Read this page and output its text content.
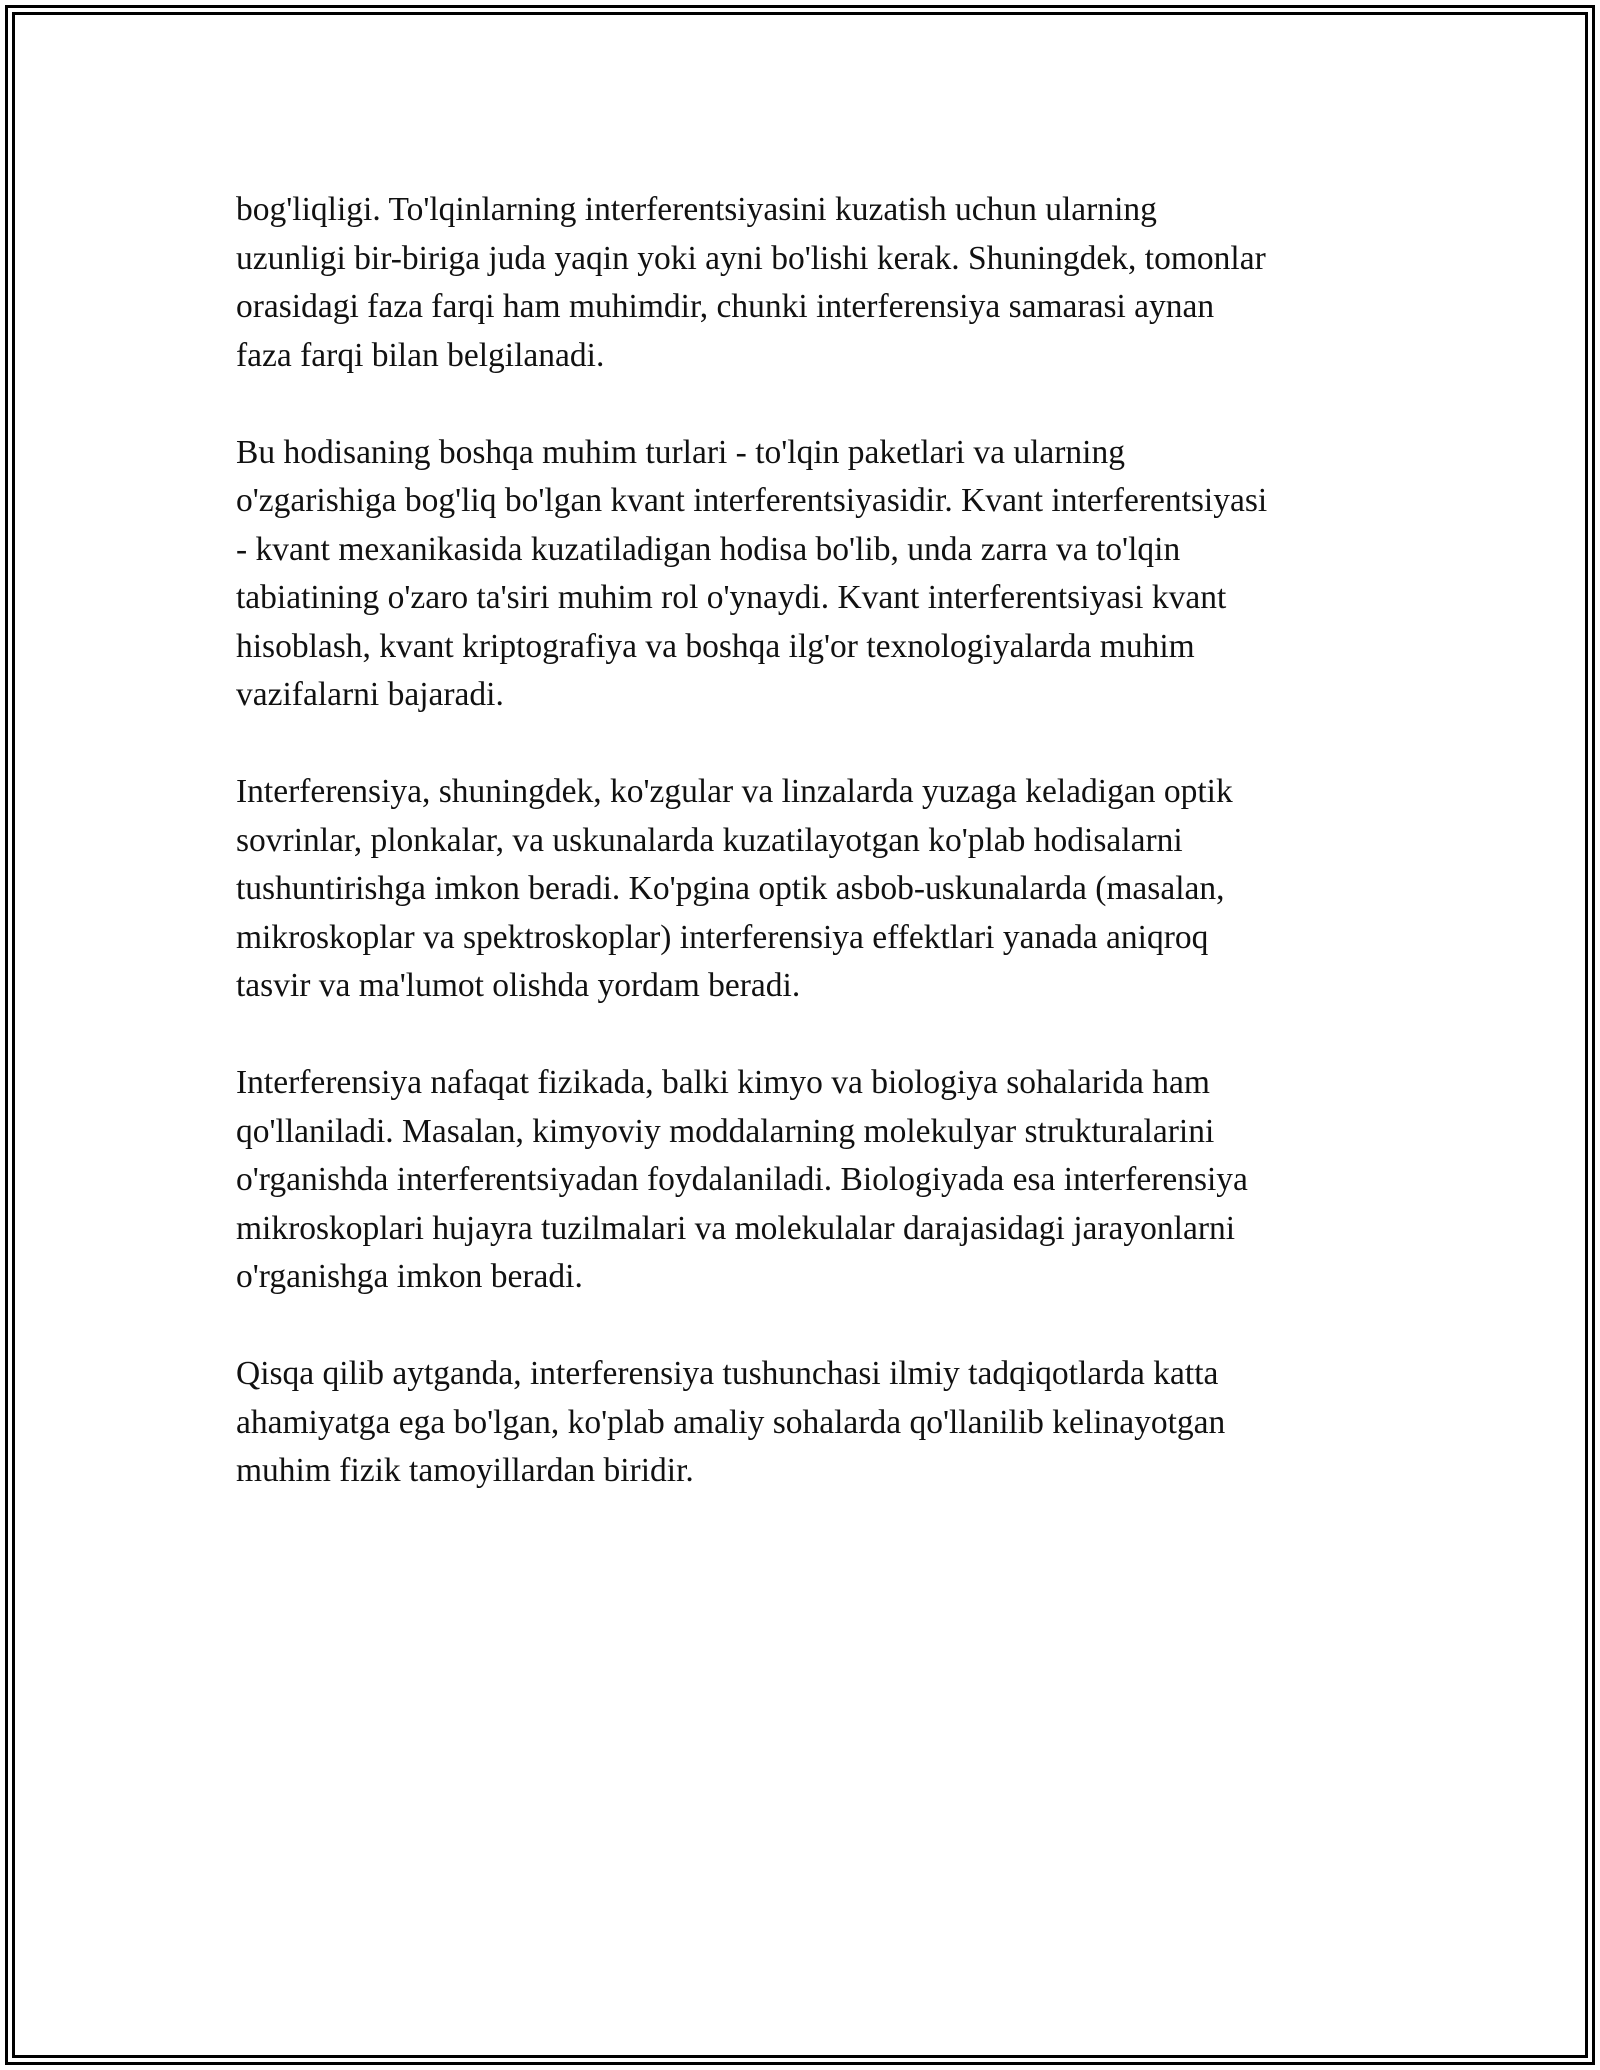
bog'liqligi. To'lqinlarning interferentsiyasini kuzatish uchun ularning
uzunligi bir-biriga juda yaqin yoki ayni bo'lishi kerak. Shuningdek, tomonlar
orasidagi faza farqi ham muhimdir, chunki interferensiya samarasi aynan
faza farqi bilan belgilanadi.

Bu hodisaning boshqa muhim turlari - to'lqin paketlari va ularning
o'zgarishiga bog'liq bo'lgan kvant interferentsiyasidir. Kvant interferentsiyasi
- kvant mexanikasida kuzatiladigan hodisa bo'lib, unda zarra va to'lqin
tabiatining o'zaro ta'siri muhim rol o'ynaydi. Kvant interferentsiyasi kvant
hisoblash, kvant kriptografiya va boshqa ilg'or texnologiyalarda muhim
vazifalarni bajaradi.

Interferensiya, shuningdek, ko'zgular va linzalarda yuzaga keladigan optik
sovrinlar, plonkalar, va uskunalarda kuzatilayotgan ko'plab hodisalarni
tushuntirishga imkon beradi. Ko'pgina optik asbob-uskunalarda (masalan,
mikroskoplar va spektroskoplar) interferensiya effektlari yanada aniqroq
tasvir va ma'lumot olishda yordam beradi.

Interferensiya nafaqat fizikada, balki kimyo va biologiya sohalarida ham
qo'llaniladi. Masalan, kimyoviy moddalarning molekulyar strukturalarini
o'rganishda interferentsiyadan foydalaniladi. Biologiyada esa interferensiya
mikroskoplari hujayra tuzilmalari va molekulalar darajasidagi jarayonlarni
o'rganishga imkon beradi.

Qisqa qilib aytganda, interferensiya tushunchasi ilmiy tadqiqotlarda katta
ahamiyatga ega bo'lgan, ko'plab amaliy sohalarda qo'llanilib kelinayotgan
muhim fizik tamoyillardan biridir.
